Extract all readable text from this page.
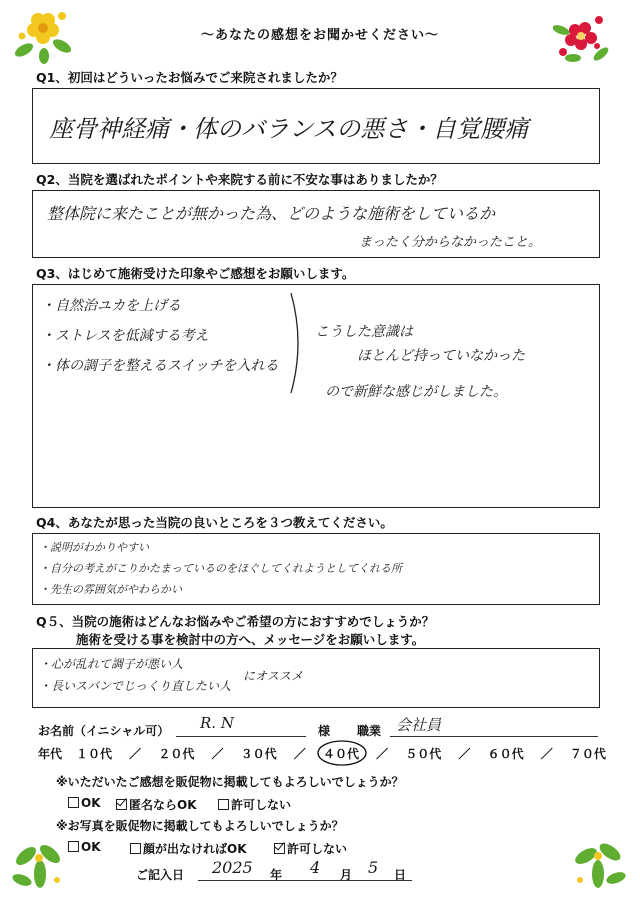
～あなたの感想をお聞かせください～
Q1、初回はどういったお悩みでご来院されましたか？
座骨神経痛・体のバランスの悪さ・自覚腰痛
Q2、当院を選ばれたポイントや来院する前に不安な事はありましたか？
整体院に来たことが無かった為、どのような施術をしているか
まったく分からなかったこと。
Q3、はじめて施術受けた印象やご感想をお願いします。
・自然治ユカを上げる
・ストレスを低減する考え
・体の調子を整えるスイッチを入れる
こうした意識は
ほとんど持っていなかった
ので新鮮な感じがしました。
Q4、あなたが思った当院の良いところを３つ教えてください。
・説明がわかりやすい
・自分の考えがこりかたまっているのをほぐしてくれようとしてくれる所
・先生の雰囲気がやわらかい
Q５、当院の施術はどんなお悩みやご希望の方におすすめでしょうか？
施術を受ける事を検討中の方へ、メッセージをお願いします。
・心が乱れて調子が悪い人
・長いスパンでじっくり直したい人
にオススメ
お名前（イニシャル可） R. N	様 職業 会社員
年代 １０代 ／ ２０代 ／ ３０代 ／ ４０代 ／ ５０代 ／ ６０代 ／ ７０代
※いただいたご感想を販促物に掲載してもよろしいでしょうか？
OK	匿名ならOK	許可しない
※お写真を販促物に掲載してもよろしいでしょうか？
OK	顔が出なければOK	許可しない
ご記入日 2025 年 4 月 5 日
